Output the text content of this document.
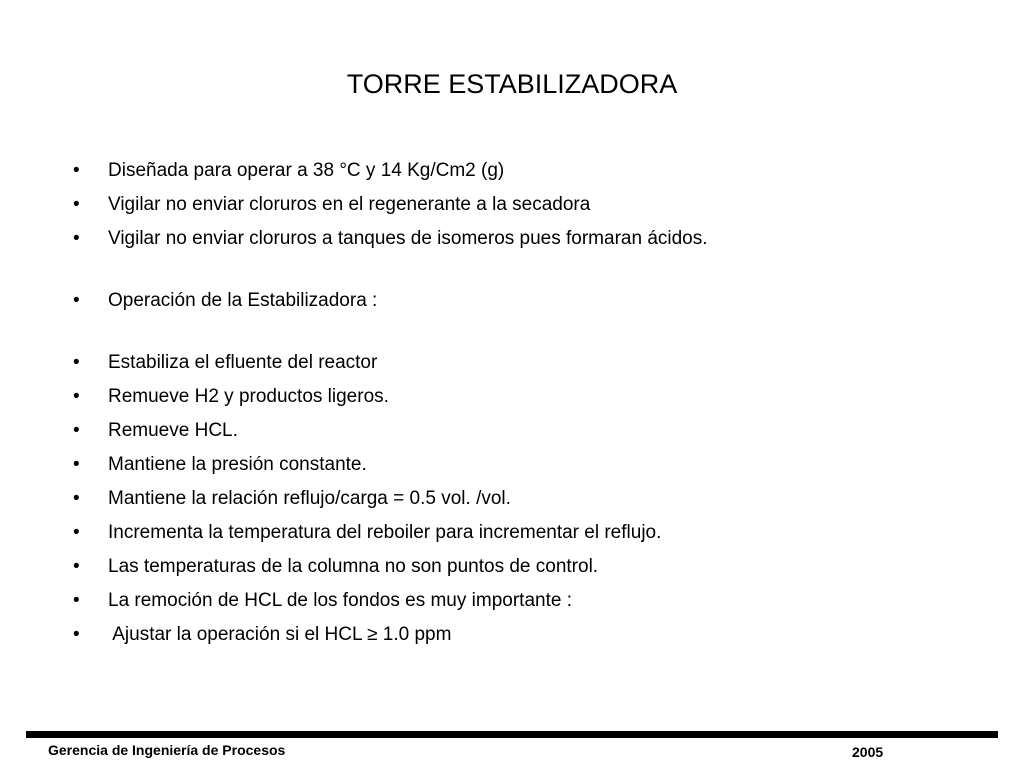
TORRE ESTABILIZADORA
• Diseñada para operar a 38 °C y 14 Kg/Cm2 (g)
• Vigilar no enviar cloruros en el regenerante a la secadora
• Vigilar no enviar cloruros a tanques de isomeros pues formaran ácidos.
• Operación de la Estabilizadora :
• Estabiliza el efluente del reactor
• Remueve H2 y productos ligeros.
• Remueve HCL.
• Mantiene la presión constante.
• Mantiene la relación reflujo/carga = 0.5 vol. /vol.
• Incrementa la temperatura del reboiler para incrementar el reflujo.
• Las temperaturas de la columna no son puntos de control.
• La remoción de HCL de los fondos es muy importante :
• Ajustar la operación si el HCL ≥ 1.0 ppm
Gerencia de Ingeniería de Procesos	2005
